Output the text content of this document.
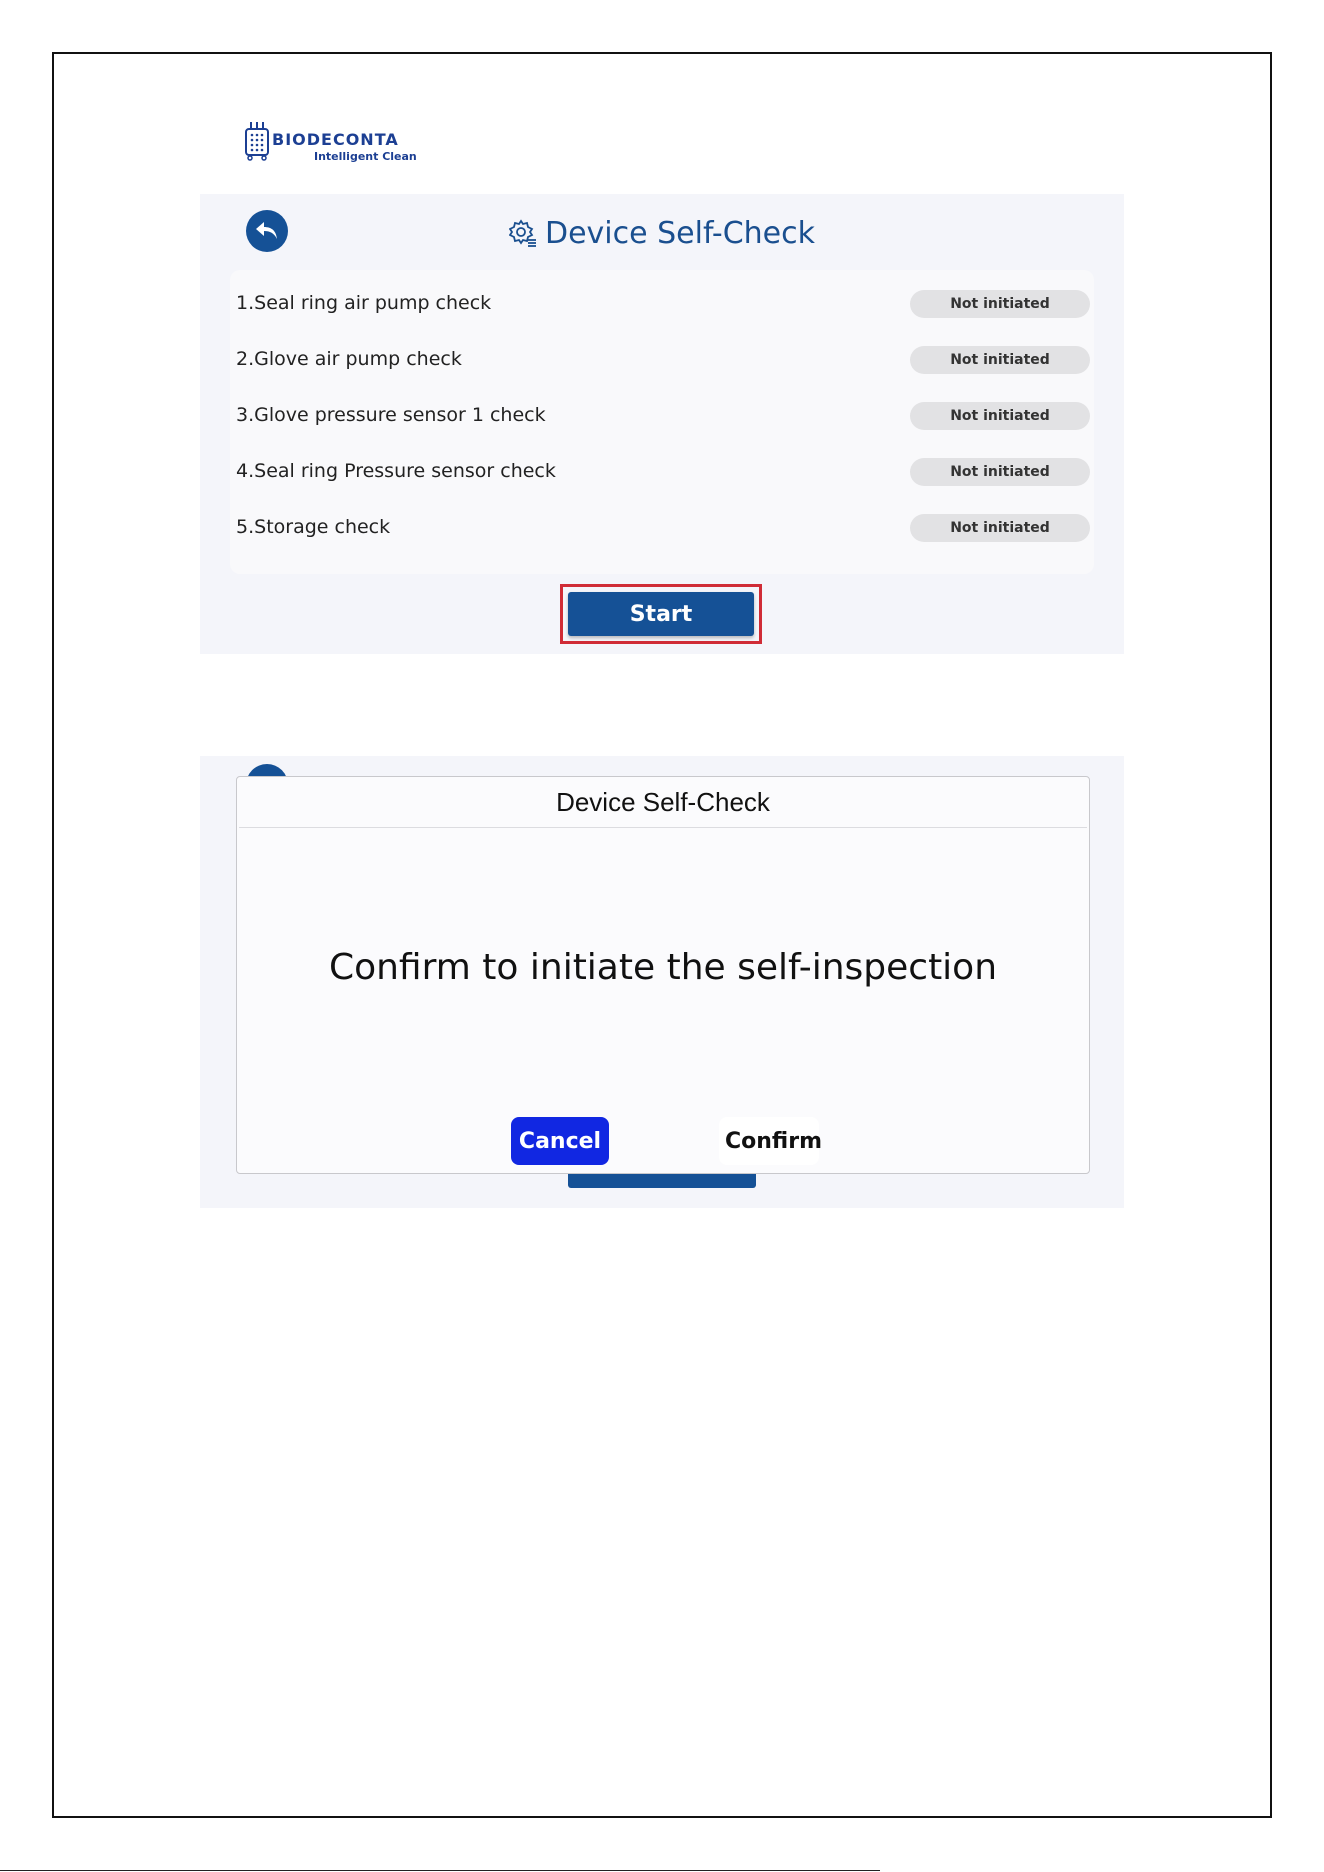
BIODECONTA
Intelligent Clean
Device Self-Check
1.Seal ring air pump check	Not initiated
2.Glove air pump check	Not initiated
3.Glove pressure sensor 1 check	Not initiated
4.Seal ring Pressure sensor check	Not initiated
5.Storage check	Not initiated
Start
Device Self-Check
Confirm to initiate the self-inspection
Cancel	Confirm
